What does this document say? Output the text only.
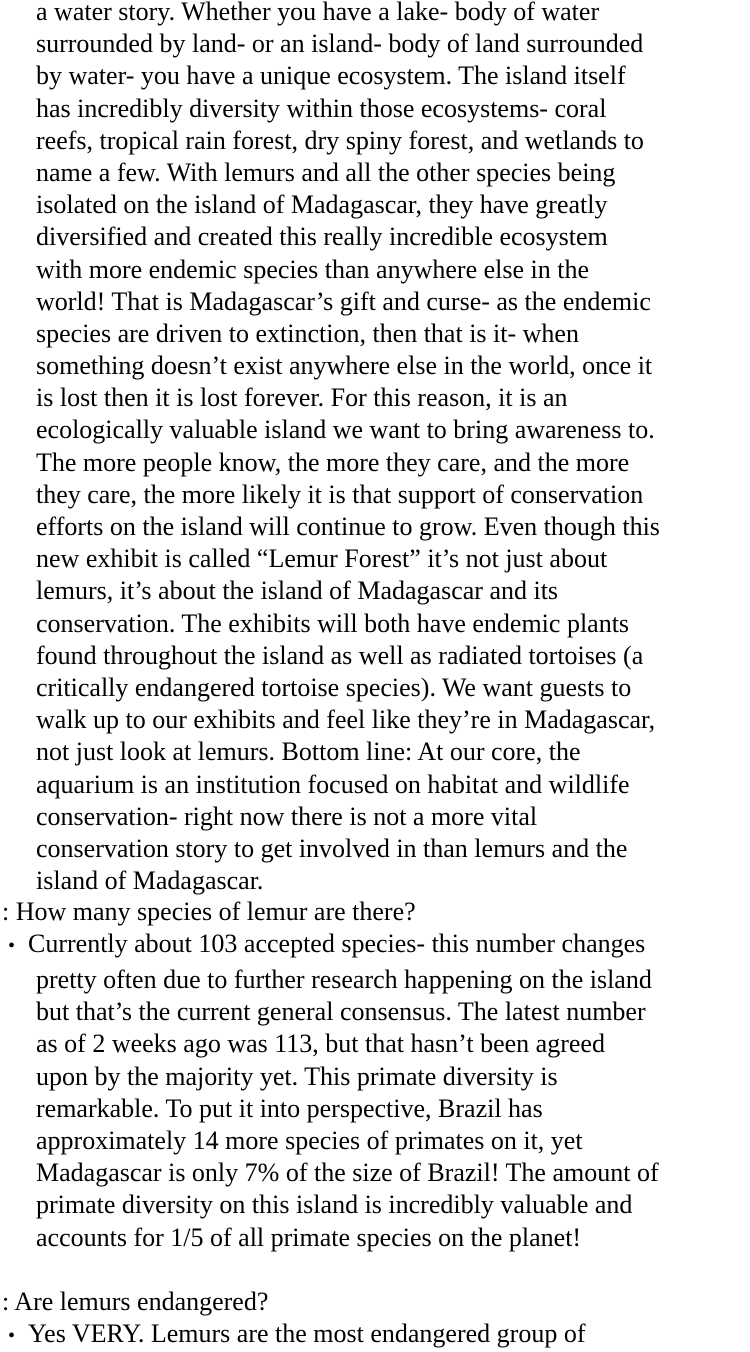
a water story. Whether you have a lake- body of water
surrounded by land- or an island- body of land surrounded
by water- you have a unique ecosystem. The island itself
has incredibly diversity within those ecosystems- coral
reefs, tropical rain forest, dry spiny forest, and wetlands to
name a few. With lemurs and all the other species being
isolated on the island of Madagascar, they have greatly
diversified and created this really incredible ecosystem
with more endemic species than anywhere else in the
world! That is Madagascar’s gift and curse- as the endemic
species are driven to extinction, then that is it- when
something doesn’t exist anywhere else in the world, once it
is lost then it is lost forever. For this reason, it is an
ecologically valuable island we want to bring awareness to.
The more people know, the more they care, and the more
they care, the more likely it is that support of conservation
efforts on the island will continue to grow. Even though this
new exhibit is called “Lemur Forest” it’s not just about
lemurs, it’s about the island of Madagascar and its
conservation. The exhibits will both have endemic plants
found throughout the island as well as radiated tortoises (a
critically endangered tortoise species). We want guests to
walk up to our exhibits and feel like they’re in Madagascar,
not just look at lemurs. Bottom line: At our core, the
aquarium is an institution focused on habitat and wildlife
conservation- right now there is not a more vital
conservation story to get involved in than lemurs and the
island of Madagascar.
: How many species of lemur are there?
• Currently about 103 accepted species- this number changes
pretty often due to further research happening on the island
but that’s the current general consensus. The latest number
as of 2 weeks ago was 113, but that hasn’t been agreed
upon by the majority yet. This primate diversity is
remarkable. To put it into perspective, Brazil has
approximately 14 more species of primates on it, yet
Madagascar is only 7% of the size of Brazil! The amount of
primate diversity on this island is incredibly valuable and
accounts for 1/5 of all primate species on the planet!
: Are lemurs endangered?
• Yes VERY. Lemurs are the most endangered group of
